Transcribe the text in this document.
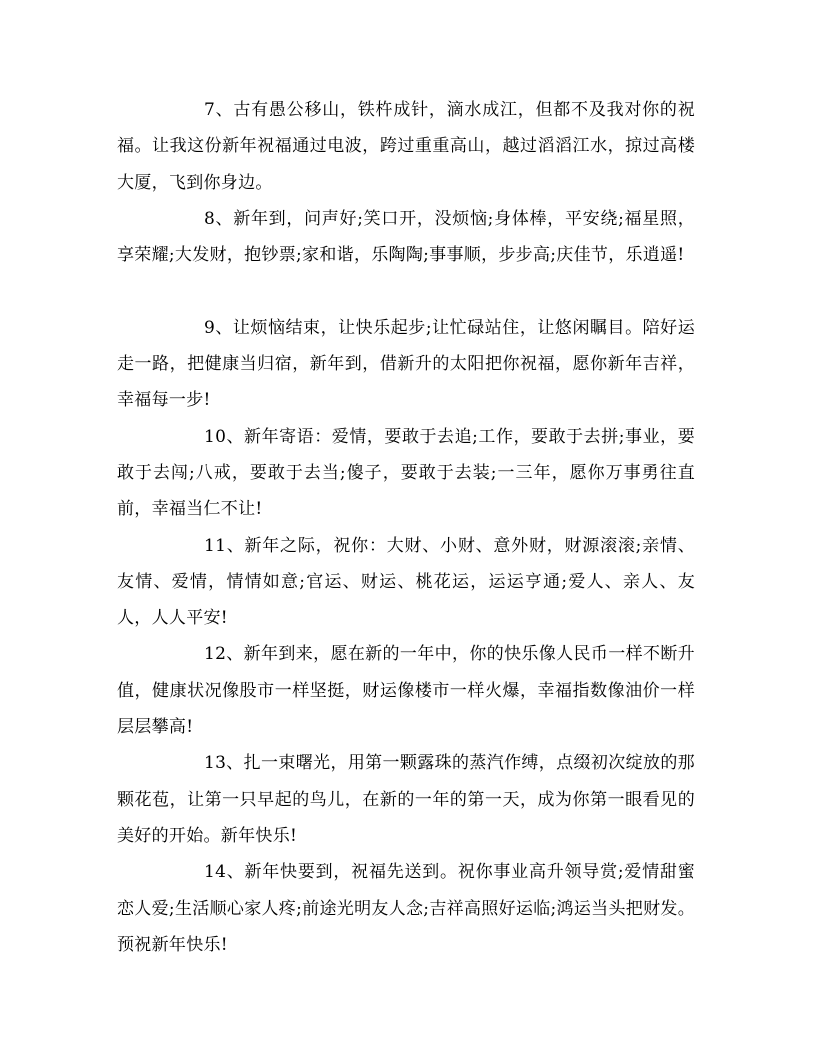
7、古有愚公移山，铁杵成针，滴水成江，但都不及我对你的祝福。让我这份新年祝福通过电波，跨过重重高山，越过滔滔江水，掠过高楼大厦，飞到你身边。

8、新年到，问声好;笑口开，没烦恼;身体棒，平安绕;福星照，享荣耀;大发财，抱钞票;家和谐，乐陶陶;事事顺，步步高;庆佳节，乐逍遥!

9、让烦恼结束，让快乐起步;让忙碌站住，让悠闲瞩目。陪好运走一路，把健康当归宿，新年到，借新升的太阳把你祝福，愿你新年吉祥，幸福每一步!

10、新年寄语：爱情，要敢于去追;工作，要敢于去拼;事业，要敢于去闯;八戒，要敢于去当;傻子，要敢于去装;一三年，愿你万事勇往直前，幸福当仁不让!

11、新年之际，祝你：大财、小财、意外财，财源滚滚;亲情、友情、爱情，情情如意;官运、财运、桃花运，运运亨通;爱人、亲人、友人，人人平安!

12、新年到来，愿在新的一年中，你的快乐像人民币一样不断升值，健康状况像股市一样坚挺，财运像楼市一样火爆，幸福指数像油价一样层层攀高!

13、扎一束曙光，用第一颗露珠的蒸汽作缚，点缀初次绽放的那颗花苞，让第一只早起的鸟儿，在新的一年的第一天，成为你第一眼看见的美好的开始。新年快乐!

14、新年快要到，祝福先送到。祝你事业高升领导赏;爱情甜蜜恋人爱;生活顺心家人疼;前途光明友人念;吉祥高照好运临;鸿运当头把财发。预祝新年快乐!
